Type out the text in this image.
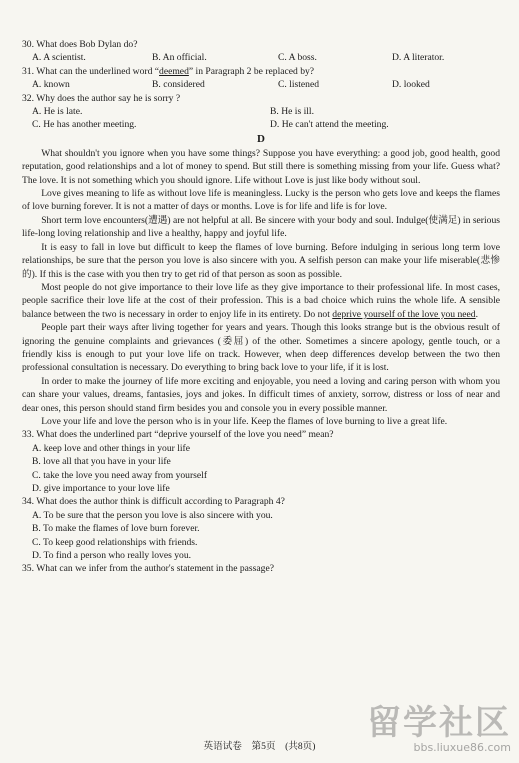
30. What does Bob Dylan do?

A. A scientist.	B. An official.	C. A boss.	D. A literator.

31. What can the underlined word “deemed” in Paragraph 2 be replaced by?

A. known	B. considered	C. listened	D. looked

32. Why does the author say he is sorry ?

A. He is late.	B. He is ill.
C. He has another meeting.	D. He can't attend the meeting.

D

What shouldn't you ignore when you have some things? Suppose you have everything: a good job, good health, good reputation, good relationships and a lot of money to spend. But still there is something missing from your life. Guess what? The love. It is not something which you should ignore. Life without Love is just like body without soul.

Love gives meaning to life as without love life is meaningless. Lucky is the person who gets love and keeps the flames of love burning forever. It is not a matter of days or months. Love is for life and life is for love.

Short term love encounters(遭遇) are not helpful at all. Be sincere with your body and soul. Indulge(使满足) in serious life-long loving relationship and live a healthy, happy and joyful life.

It is easy to fall in love but difficult to keep the flames of love burning. Before indulging in serious long term love relationships, be sure that the person you love is also sincere with you. A selfish person can make your life miserable(悲惨的). If this is the case with you then try to get rid of that person as soon as possible.

Most people do not give importance to their love life as they give importance to their professional life. In most cases, people sacrifice their love life at the cost of their profession. This is a bad choice which ruins the whole life. A sensible balance between the two is necessary in order to enjoy life in its entirety. Do not deprive yourself of the love you need.

People part their ways after living together for years and years. Though this looks strange but is the obvious result of ignoring the genuine complaints and grievances (委屈) of the other. Sometimes a sincere apology, gentle touch, or a friendly kiss is enough to put your love life on track. However, when deep differences develop between the two then professional consultation is necessary. Do everything to bring back love to your life, if it is lost.

In order to make the journey of life more exciting and enjoyable, you need a loving and caring person with whom you can share your values, dreams, fantasies, joys and jokes. In difficult times of anxiety, sorrow, distress or loss of near and dear ones, this person should stand firm besides you and console you in every possible manner.

Love your life and love the person who is in your life. Keep the flames of love burning to live a great life.

33. What does the underlined part “deprive yourself of the love you need” mean?

A. keep love and other things in your life
B. love all that you have in your life
C. take the love you need away from yourself
D. give importance to your love life

34. What does the author think is difficult according to Paragraph 4?

A. To be sure that the person you love is also sincere with you.
B. To make the flames of love burn forever.
C. To keep good relationships with friends.
D. To find a person who really loves you.

35. What can we infer from the author's statement in the passage?

英语试卷　第5页　(共8页)
留学社区
bbs.liuxue86.com
